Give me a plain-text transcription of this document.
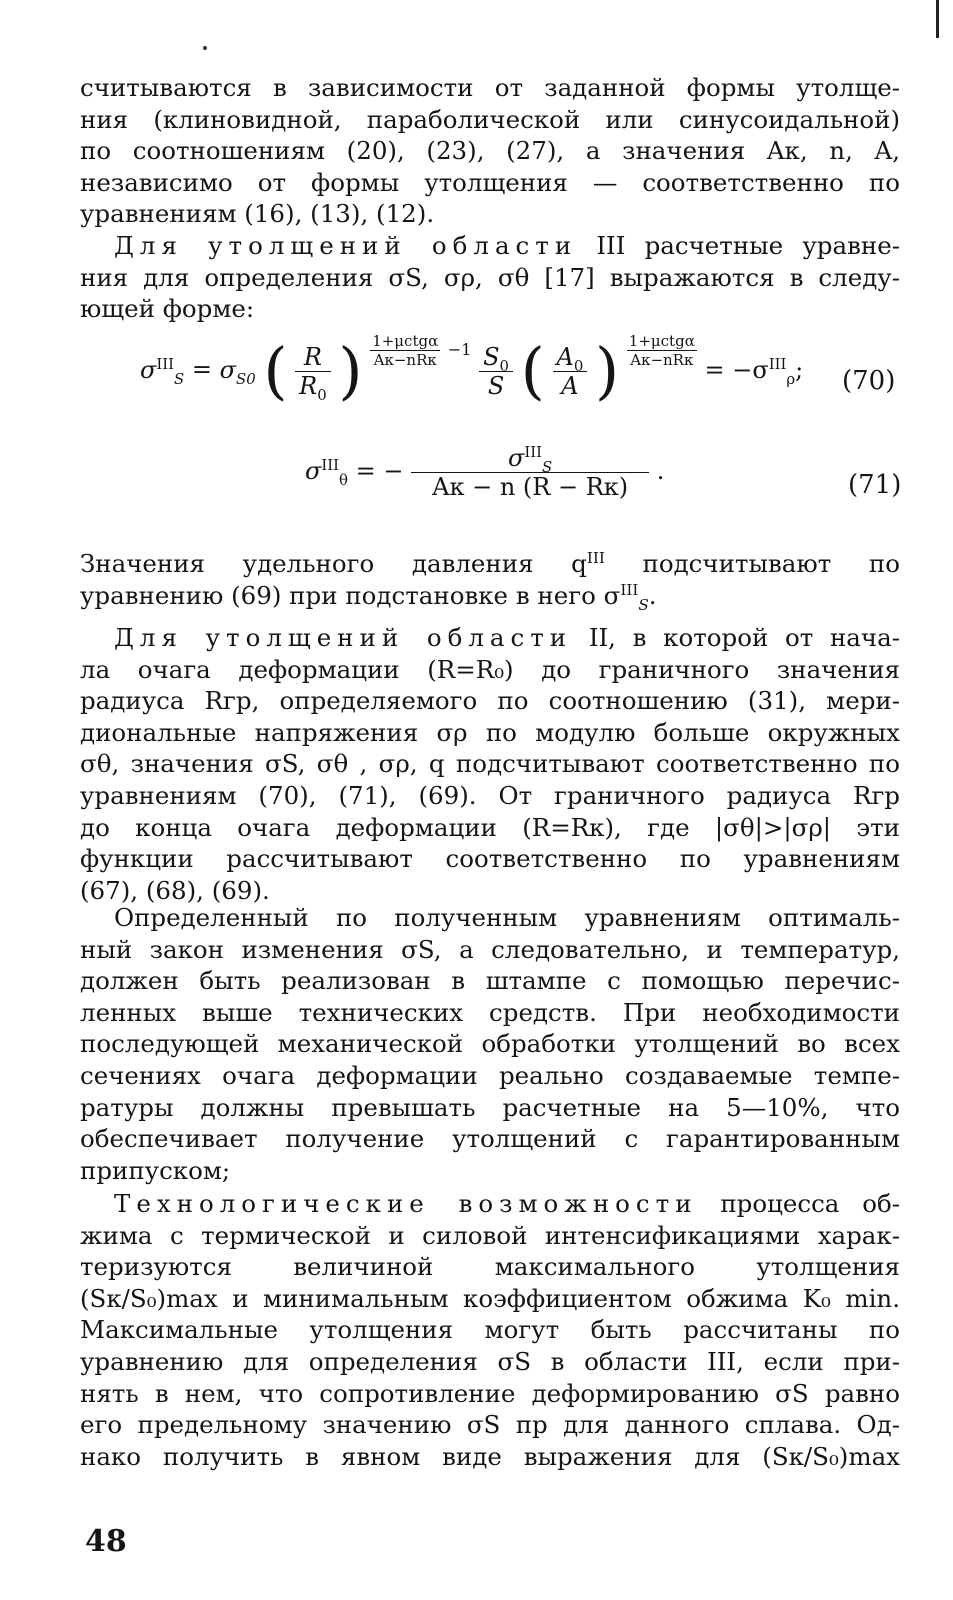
считываются в зависимости от заданной формы утолще-
ния (клиновидной, параболической или синусоидальной)
по соотношениям (20), (23), (27), а значения Aк, n, A,
независимо от формы утолщения — соответственно по
уравнениям (16), (13), (12).
Для утолщений области III расчетные уравне-
ния для определения σS, σρ, σθ [17] выражаются в следу-
ющей форме:
$\sigma^{III}_S = \sigma_{S0}$ ( $\frac{R}{R_0}$ ) $\frac{\text{1+μctgα}}{\text{Aк−nRк}} ^{-1} \frac{S_0}{S}$ ( $\frac{A_0}{A}$ ) $\frac{\text{1+μctgα}}{\text{Aк−nRк}}$
= $-\sigma^{III}_\rho$; (70)
$\sigma^{III}_\theta$ = − $\frac{\sigma^{III}_S}{Aк - n (R - Rк)}$ .	(71)
Значения удельного давления $q^{III}$ подсчитывают по
уравнению (69) при подстановке в него $\sigma^{III}_S$.
Для утолщений области II, в которой от нача-
ла очага деформации (R=R₀) до граничного значения
радиуса Rгр, определяемого по соотношению (31), мери-
диональные напряжения σρ по модулю больше окружных
σθ, значения σS, σθ , σρ, q подсчитывают соответственно по
уравнениям (70), (71), (69). От граничного радиуса Rгр
до конца очага деформации (R=Rк), где |σθ|>|σρ| эти
функции рассчитывают соответственно по уравнениям
(67), (68), (69).
Определенный по полученным уравнениям оптималь-
ный закон изменения σS, а следовательно, и температур,
должен быть реализован в штампе с помощью перечис-
ленных выше технических средств. При необходимости
последующей механической обработки утолщений во всех
сечениях очага деформации реально создаваемые темпе-
ратуры должны превышать расчетные на 5—10%, что
обеспечивает получение утолщений с гарантированным
припуском;
Технологические возможности процесса об-
жима с термической и силовой интенсификациями харак-
теризуются величиной максимального утолщения
(Sк/S₀)max и минимальным коэффициентом обжима K₀ min.
Максимальные утолщения могут быть рассчитаны по
уравнению для определения σS в области III, если при-
нять в нем, что сопротивление деформированию σS равно
его предельному значению σS пр для данного сплава. Од-
нако получить в явном виде выражения для (Sк/S₀)max
48
